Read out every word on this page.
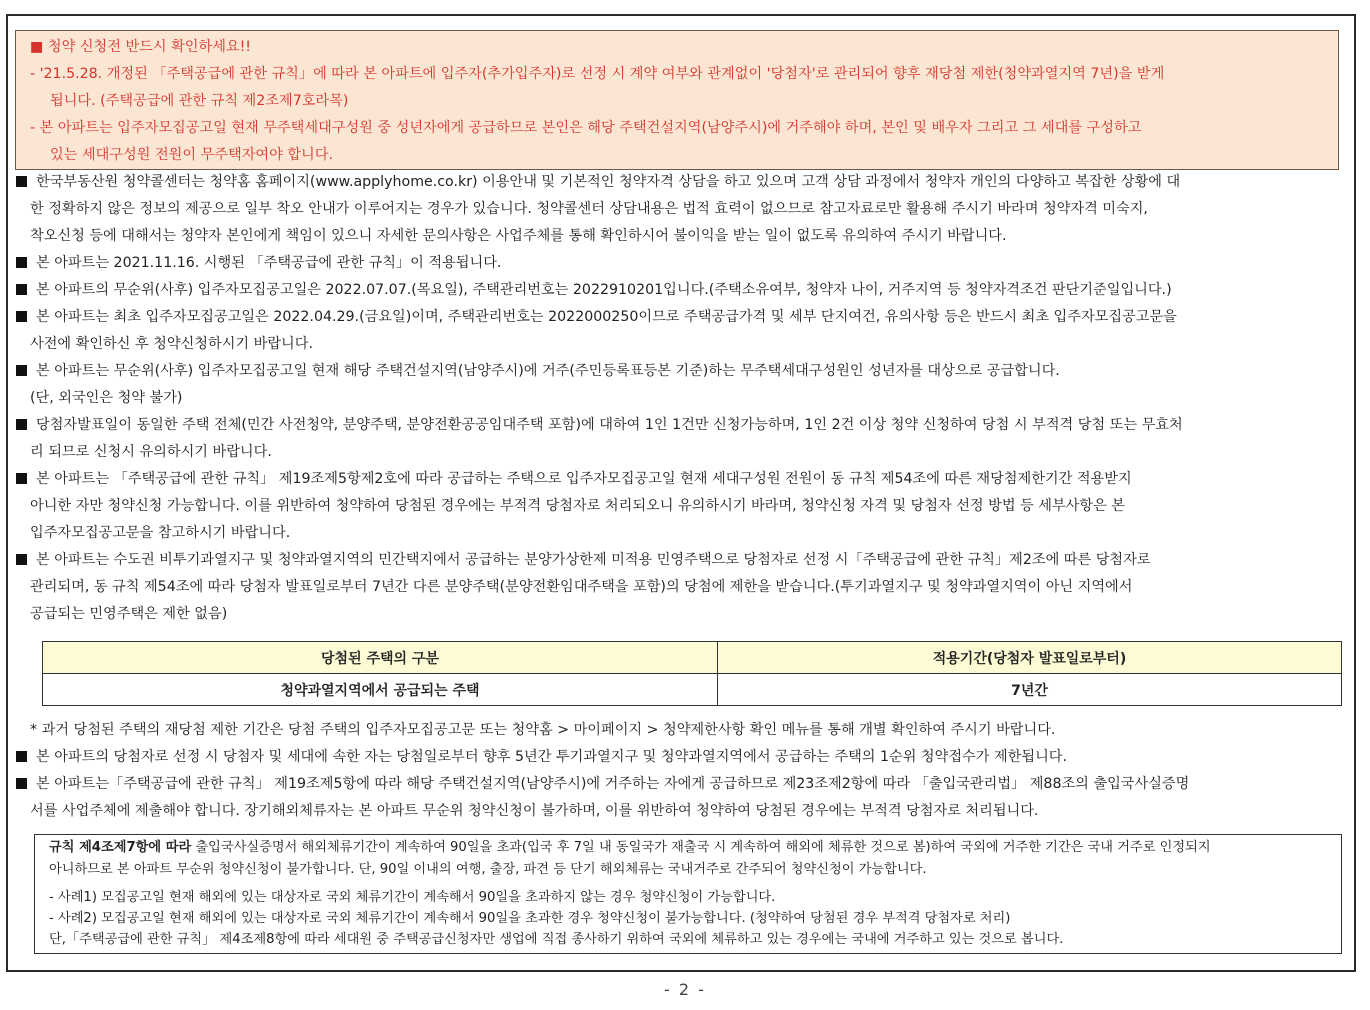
■ 청약 신청전 반드시 확인하세요!!
- '21.5.28. 개정된 「주택공급에 관한 규칙」에 따라 본 아파트에 입주자(추가입주자)로 선정 시 계약 여부와 관계없이 '당첨자'로 관리되어 향후 재당첨 제한(청약과열지역 7년)을 받게
됩니다. (주택공급에 관한 규칙 제2조제7호라목)
- 본 아파트는 입주자모집공고일 현재 무주택세대구성원 중 성년자에게 공급하므로 본인은 해당 주택건설지역(남양주시)에 거주해야 하며, 본인 및 배우자 그리고 그 세대를 구성하고
있는 세대구성원 전원이 무주택자여야 합니다.
한국부동산원 청약콜센터는 청약홈 홈페이지(www.applyhome.co.kr) 이용안내 및 기본적인 청약자격 상담을 하고 있으며 고객 상담 과정에서 청약자 개인의 다양하고 복잡한 상황에 대
한 정확하지 않은 정보의 제공으로 일부 착오 안내가 이루어지는 경우가 있습니다. 청약콜센터 상담내용은 법적 효력이 없으므로 참고자료로만 활용해 주시기 바라며 청약자격 미숙지,
착오신청 등에 대해서는 청약자 본인에게 책임이 있으니 자세한 문의사항은 사업주체를 통해 확인하시어 불이익을 받는 일이 없도록 유의하여 주시기 바랍니다.
본 아파트는 2021.11.16. 시행된 「주택공급에 관한 규칙」이 적용됩니다.
본 아파트의 무순위(사후) 입주자모집공고일은 2022.07.07.(목요일), 주택관리번호는 2022910201입니다.(주택소유여부, 청약자 나이, 거주지역 등 청약자격조건 판단기준일입니다.)
본 아파트는 최초 입주자모집공고일은 2022.04.29.(금요일)이며, 주택관리번호는 2022000250이므로 주택공급가격 및 세부 단지여건, 유의사항 등은 반드시 최초 입주자모집공고문을
사전에 확인하신 후 청약신청하시기 바랍니다.
본 아파트는 무순위(사후) 입주자모집공고일 현재 해당 주택건설지역(남양주시)에 거주(주민등록표등본 기준)하는 무주택세대구성원인 성년자를 대상으로 공급합니다.
(단, 외국인은 청약 불가)
당첨자발표일이 동일한 주택 전체(민간 사전청약, 분양주택, 분양전환공공임대주택 포함)에 대하여 1인 1건만 신청가능하며, 1인 2건 이상 청약 신청하여 당첨 시 부적격 당첨 또는 무효처
리 되므로 신청시 유의하시기 바랍니다.
본 아파트는 「주택공급에 관한 규칙」 제19조제5항제2호에 따라 공급하는 주택으로 입주자모집공고일 현재 세대구성원 전원이 동 규칙 제54조에 따른 재당첨제한기간 적용받지
아니한 자만 청약신청 가능합니다. 이를 위반하여 청약하여 당첨된 경우에는 부적격 당첨자로 처리되오니 유의하시기 바라며, 청약신청 자격 및 당첨자 선정 방법 등 세부사항은 본
입주자모집공고문을 참고하시기 바랍니다.
본 아파트는 수도권 비투기과열지구 및 청약과열지역의 민간택지에서 공급하는 분양가상한제 미적용 민영주택으로 당첨자로 선정 시「주택공급에 관한 규칙」제2조에 따른 당첨자로
관리되며, 동 규칙 제54조에 따라 당첨자 발표일로부터 7년간 다른 분양주택(분양전환임대주택을 포함)의 당첨에 제한을 받습니다.(투기과열지구 및 청약과열지역이 아닌 지역에서
공급되는 민영주택은 제한 없음)
당첨된 주택의 구분	적용기간(당첨자 발표일로부터)
청약과열지역에서 공급되는 주택	7년간
* 과거 당첨된 주택의 재당첨 제한 기간은 당첨 주택의 입주자모집공고문 또는 청약홈 > 마이페이지 > 청약제한사항 확인 메뉴를 통해 개별 확인하여 주시기 바랍니다.
본 아파트의 당첨자로 선정 시 당첨자 및 세대에 속한 자는 당첨일로부터 향후 5년간 투기과열지구 및 청약과열지역에서 공급하는 주택의 1순위 청약접수가 제한됩니다.
본 아파트는「주택공급에 관한 규칙」 제19조제5항에 따라 해당 주택건설지역(남양주시)에 거주하는 자에게 공급하므로 제23조제2항에 따라 「출입국관리법」 제88조의 출입국사실증명
서를 사업주체에 제출해야 합니다. 장기해외체류자는 본 아파트 무순위 청약신청이 불가하며, 이를 위반하여 청약하여 당첨된 경우에는 부적격 당첨자로 처리됩니다.
규칙 제4조제7항에 따라 출입국사실증명서 해외체류기간이 계속하여 90일을 초과(입국 후 7일 내 동일국가 재출국 시 계속하여 해외에 체류한 것으로 봄)하여 국외에 거주한 기간은 국내 거주로 인정되지
아니하므로 본 아파트 무순위 청약신청이 불가합니다. 단, 90일 이내의 여행, 출장, 파견 등 단기 해외체류는 국내거주로 간주되어 청약신청이 가능합니다.
- 사례1) 모집공고일 현재 해외에 있는 대상자로 국외 체류기간이 계속해서 90일을 초과하지 않는 경우 청약신청이 가능합니다.
- 사례2) 모집공고일 현재 해외에 있는 대상자로 국외 체류기간이 계속해서 90일을 초과한 경우 청약신청이 불가능합니다. (청약하여 당첨된 경우 부적격 당첨자로 처리)
단,「주택공급에 관한 규칙」 제4조제8항에 따라 세대원 중 주택공급신청자만 생업에 직접 종사하기 위하여 국외에 체류하고 있는 경우에는 국내에 거주하고 있는 것으로 봅니다.
- 2 -
